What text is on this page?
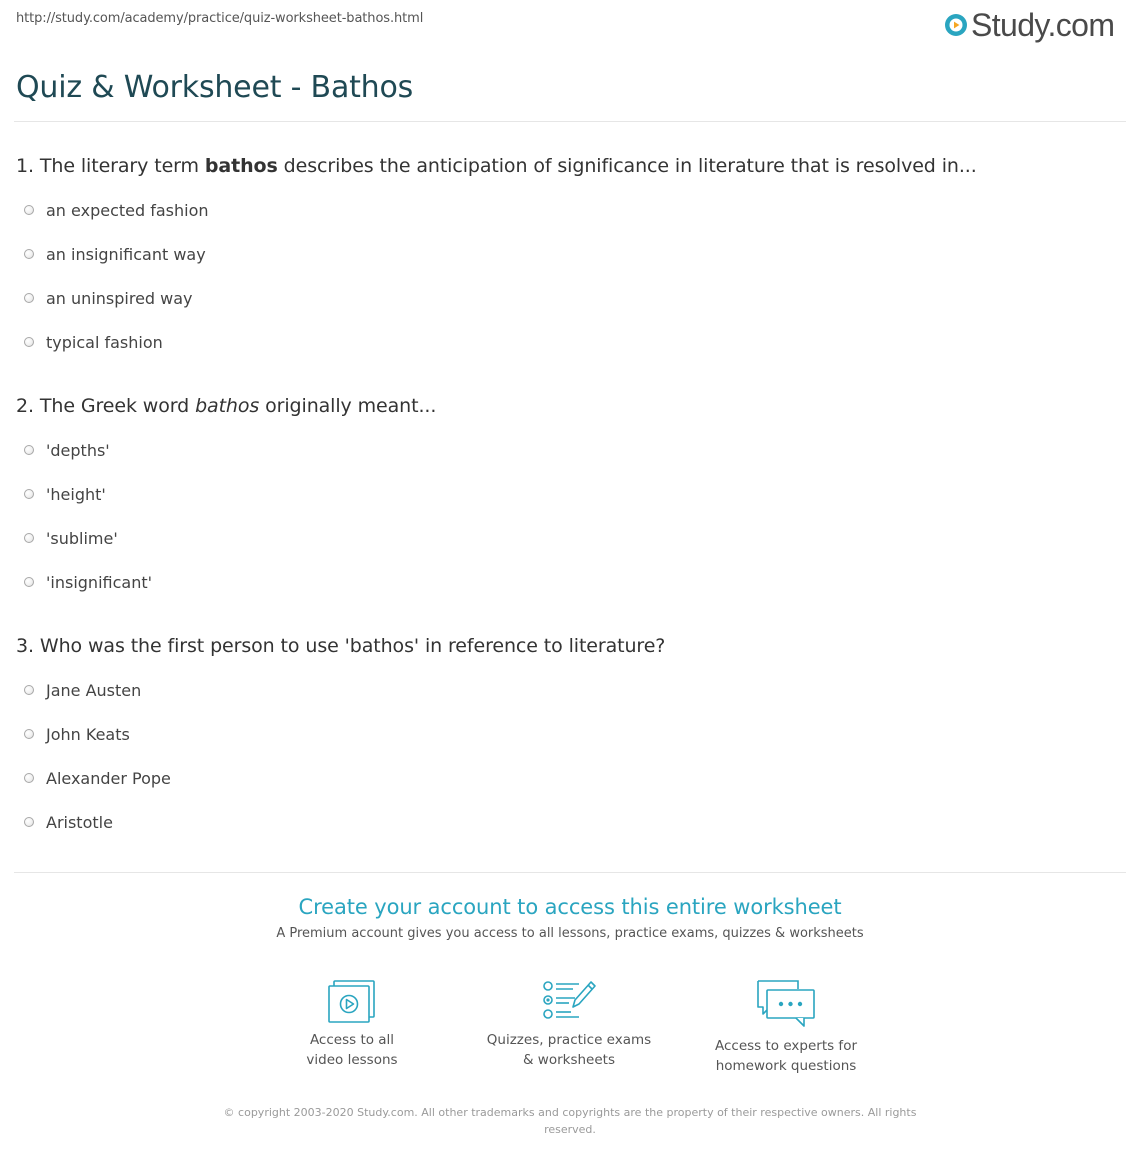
http://study.com/academy/practice/quiz-worksheet-bathos.html	Study.com
Quiz & Worksheet - Bathos
1. The literary term bathos describes the anticipation of significance in literature that is resolved in...
an expected fashion
an insignificant way
an uninspired way
typical fashion
2. The Greek word bathos originally meant...
'depths'
'height'
'sublime'
'insignificant'
3. Who was the first person to use 'bathos' in reference to literature?
Jane Austen
John Keats
Alexander Pope
Aristotle
Create your account to access this entire worksheet
A Premium account gives you access to all lessons, practice exams, quizzes & worksheets
Access to all
video lessons
Quizzes, practice exams
& worksheets
Access to experts for
homework questions
© copyright 2003-2020 Study.com. All other trademarks and copyrights are the property of their respective owners. All rights reserved.
